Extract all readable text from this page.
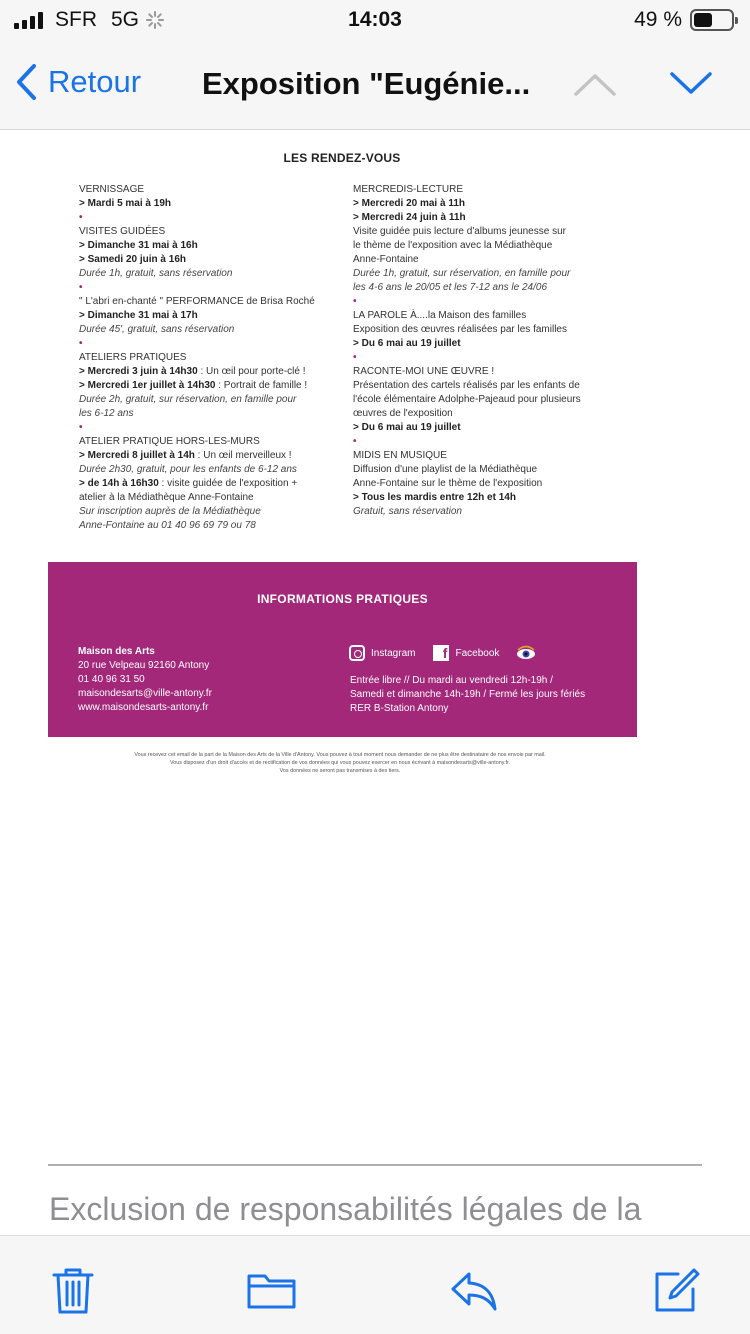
SFR 5G	14:03	49 %
Retour Exposition "Eugénie...
LES RENDEZ-VOUS
VERNISSAGE
> Mardi 5 mai à 19h
•
VISITES GUIDÉES
> Dimanche 31 mai à 16h
> Samedi 20 juin à 16h
Durée 1h, gratuit, sans réservation
•
" L'abri en-chanté " PERFORMANCE de Brisa Roché
> Dimanche 31 mai à 17h
Durée 45', gratuit, sans réservation
•
ATELIERS PRATIQUES
> Mercredi 3 juin à 14h30 : Un œil pour porte-clé !
> Mercredi 1er juillet à 14h30 : Portrait de famille !
Durée 2h, gratuit, sur réservation, en famille pour
les 6-12 ans
•
ATELIER PRATIQUE HORS-LES-MURS
> Mercredi 8 juillet à 14h : Un œil merveilleux !
Durée 2h30, gratuit, pour les enfants de 6-12 ans
> de 14h à 16h30 : visite guidée de l'exposition +
atelier à la Médiathèque Anne-Fontaine
Sur inscription auprès de la Médiathèque
Anne-Fontaine au 01 40 96 69 79 ou 78
MERCREDIS-LECTURE
> Mercredi 20 mai à 11h
> Mercredi 24 juin à 11h
Visite guidée puis lecture d'albums jeunesse sur
le thème de l'exposition avec la Médiathèque
Anne-Fontaine
Durée 1h, gratuit, sur réservation, en famille pour
les 4-6 ans le 20/05 et les 7-12 ans le 24/06
•
LA PAROLE À....la Maison des familles
Exposition des œuvres réalisées par les familles
> Du 6 mai au 19 juillet
•
RACONTE-MOI UNE ŒUVRE !
Présentation des cartels réalisés par les enfants de
l'école élémentaire Adolphe-Pajeaud pour plusieurs
œuvres de l'exposition
> Du 6 mai au 19 juillet
•
MIDIS EN MUSIQUE
Diffusion d'une playlist de la Médiathèque
Anne-Fontaine sur le thème de l'exposition
> Tous les mardis entre 12h et 14h
Gratuit, sans réservation
INFORMATIONS PRATIQUES
Maison des Arts
20 rue Velpeau 92160 Antony
01 40 96 31 50
maisondesarts@ville-antony.fr
www.maisondesarts-antony.fr
Instagram	f Facebook
Entrée libre // Du mardi au vendredi 12h-19h /
Samedi et dimanche 14h-19h / Fermé les jours fériés
RER B-Station Antony
Vous recevez cet email de la part de la Maison des Arts de la Ville d'Antony. Vous pouvez à tout moment nous demander de ne plus être destinataire de nos envois par mail.
Vous disposez d'un droit d'accès et de rectification de vos données qui vous pouvez exercer en nous écrivant à maisondesarts@ville-antony.fr.
Vos données ne seront pas transmises à des tiers.
Exclusion de responsabilités légales de la
